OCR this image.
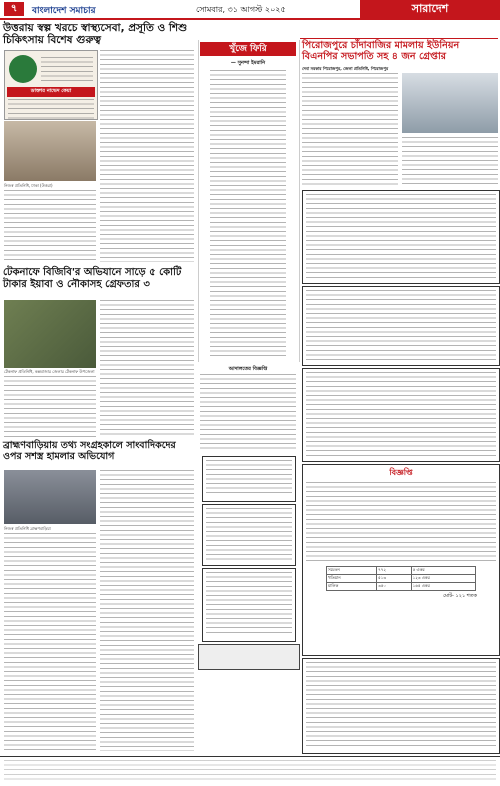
৭	বাংলাদেশ সমাচার	সোমবার, ৩১ আগস্ট ২০২৫	সারাদেশ
উত্তরায় স্বল্প খরচে স্বাস্থ্যসেবা, প্রসূতি ও শিশু চিকিৎসায় বিশেষ গুরুত্ব
ডাক্তার নাভেদ কেয়া
নিজস্ব প্রতিনিধি, ঢাকা (উত্তরা)
টেকনাফে বিজিবি'র অভিযানে সাড়ে ৫ কোটি টাকার ইয়াবা ও নৌকাসহ গ্রেফতার ৩
টেকনাফ প্রতিনিধি, কক্সবাজার জেলার টেকনাফ উপজেলা
ব্রাহ্মণবাড়িয়ায় তথ্য সংগ্রহকালে সাংবাদিকদের ওপর সশস্ত্র হামলার অভিযোগ
নিজস্ব প্রতিনিধি ব্রাহ্মণবাড়িয়া
খুঁজে ফিরি
— সুনন্দা ইমরানি
আদালতের বিজ্ঞপ্তি
পিরোজপুরে চাঁদাবাজির মামলায় ইউনিয়ন বিএনপির সভাপতি সহ ৪ জন গ্রেপ্তার
দেবা সরকার পিরোজপুর, জেলা প্রতিনিধি, পিরোজপুর
বিজ্ঞপ্তি
সচেতন	৭৭২	৫ একর
খতিয়ান	৫১৩	১২৩ একর
মালিক	৩৫০	১৬৫ একর
মোট- ১২১ শতক
